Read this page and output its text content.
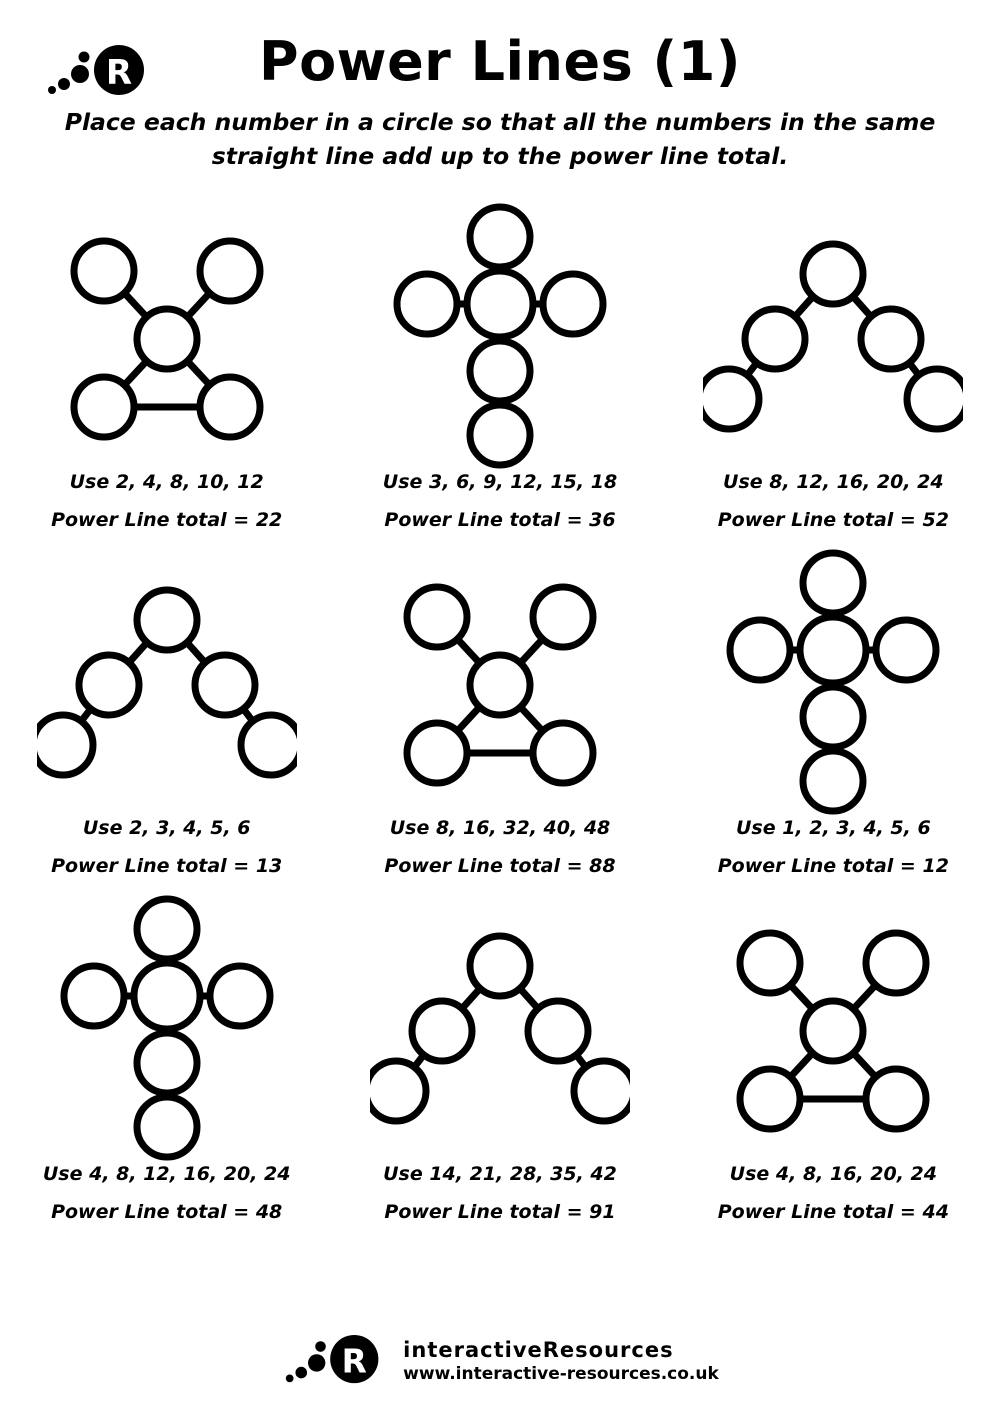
R	Power Lines (1)

Place each number in a circle so that all the numbers in the same straight line add up to the power line total.

Use 2, 4, 8, 10, 12
Power Line total = 22
Use 3, 6, 9, 12, 15, 18
Power Line total = 36
Use 8, 12, 16, 20, 24
Power Line total = 52
Use 2, 3, 4, 5, 6
Power Line total = 13
Use 8, 16, 32, 40, 48
Power Line total = 88
Use 1, 2, 3, 4, 5, 6
Power Line total = 12
Use 4, 8, 12, 16, 20, 24
Power Line total = 48
Use 14, 21, 28, 35, 42
Power Line total = 91
Use 4, 8, 16, 20, 24
Power Line total = 44
R interactiveResources
www.interactive-resources.co.uk
